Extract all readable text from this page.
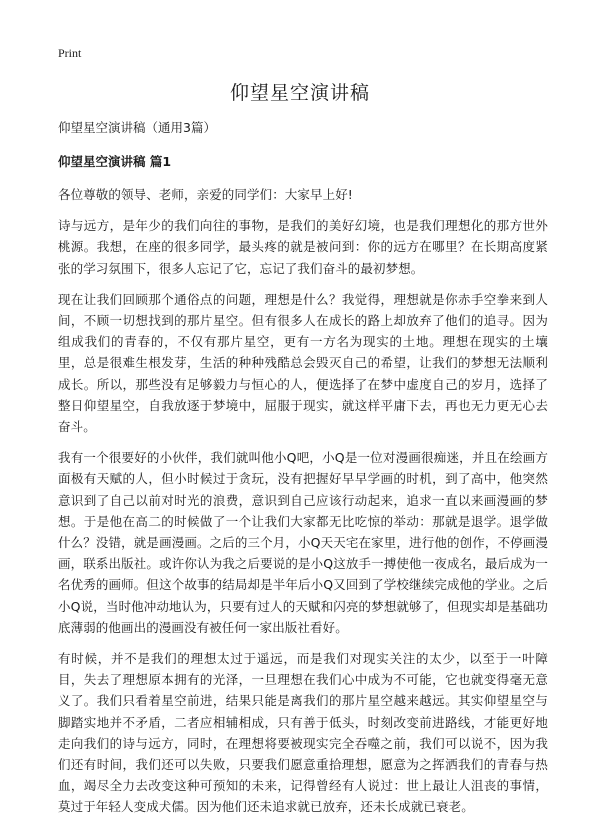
Print
仰望星空演讲稿

仰望星空演讲稿（通用3篇）

仰望星空演讲稿 篇1

各位尊敬的领导、老师，亲爱的同学们：大家早上好!

诗与远方，是年少的我们向往的事物，是我们的美好幻境，也是我们理想化的那方世外桃源。我想，在座的很多同学，最头疼的就是被问到：你的远方在哪里？在长期高度紧张的学习氛围下，很多人忘记了它，忘记了我们奋斗的最初梦想。

现在让我们回顾那个通俗点的问题，理想是什么？我觉得，理想就是你赤手空拳来到人间，不顾一切想找到的那片星空。但有很多人在成长的路上却放弃了他们的追寻。因为组成我们的青春的，不仅有那片星空，更有一方名为现实的土地。理想在现实的土壤里，总是很难生根发芽，生活的种种残酷总会毁灭自己的希望，让我们的梦想无法顺利成长。所以，那些没有足够毅力与恒心的人，便选择了在梦中虚度自己的岁月，选择了整日仰望星空，自我放逐于梦境中，屈服于现实，就这样平庸下去，再也无力更无心去奋斗。

我有一个很要好的小伙伴，我们就叫他小Q吧，小Q是一位对漫画很痴迷，并且在绘画方面极有天赋的人，但小时候过于贪玩，没有把握好早早学画的时机，到了高中，他突然意识到了自己以前对时光的浪费，意识到自己应该行动起来，追求一直以来画漫画的梦想。于是他在高二的时候做了一个让我们大家都无比吃惊的举动：那就是退学。退学做什么？没错，就是画漫画。之后的三个月，小Q天天宅在家里，进行他的创作，不停画漫画，联系出版社。或许你认为我之后要说的是小Q这放手一搏使他一夜成名，最后成为一名优秀的画师。但这个故事的结局却是半年后小Q又回到了学校继续完成他的学业。之后小Q说，当时他冲动地认为，只要有过人的天赋和闪亮的梦想就够了，但现实却是基础功底薄弱的他画出的漫画没有被任何一家出版社看好。

有时候，并不是我们的理想太过于遥远，而是我们对现实关注的太少，以至于一叶障目，失去了理想原本拥有的光泽，一旦理想在我们心中成为不可能，它也就变得毫无意义了。我们只看着星空前进，结果只能是离我们的那片星空越来越远。其实仰望星空与脚踏实地并不矛盾，二者应相辅相成，只有善于低头，时刻改变前进路线，才能更好地走向我们的诗与远方，同时，在理想将要被现实完全吞噬之前，我们可以说不，因为我们还有时间，我们还可以失败，只要我们愿意重拾理想，愿意为之挥洒我们的青春与热血，竭尽全力去改变这种可预知的未来，记得曾经有人说过：世上最让人沮丧的事情，莫过于年轻人变成犬儒。因为他们还未追求就已放弃，还未长成就已衰老。
